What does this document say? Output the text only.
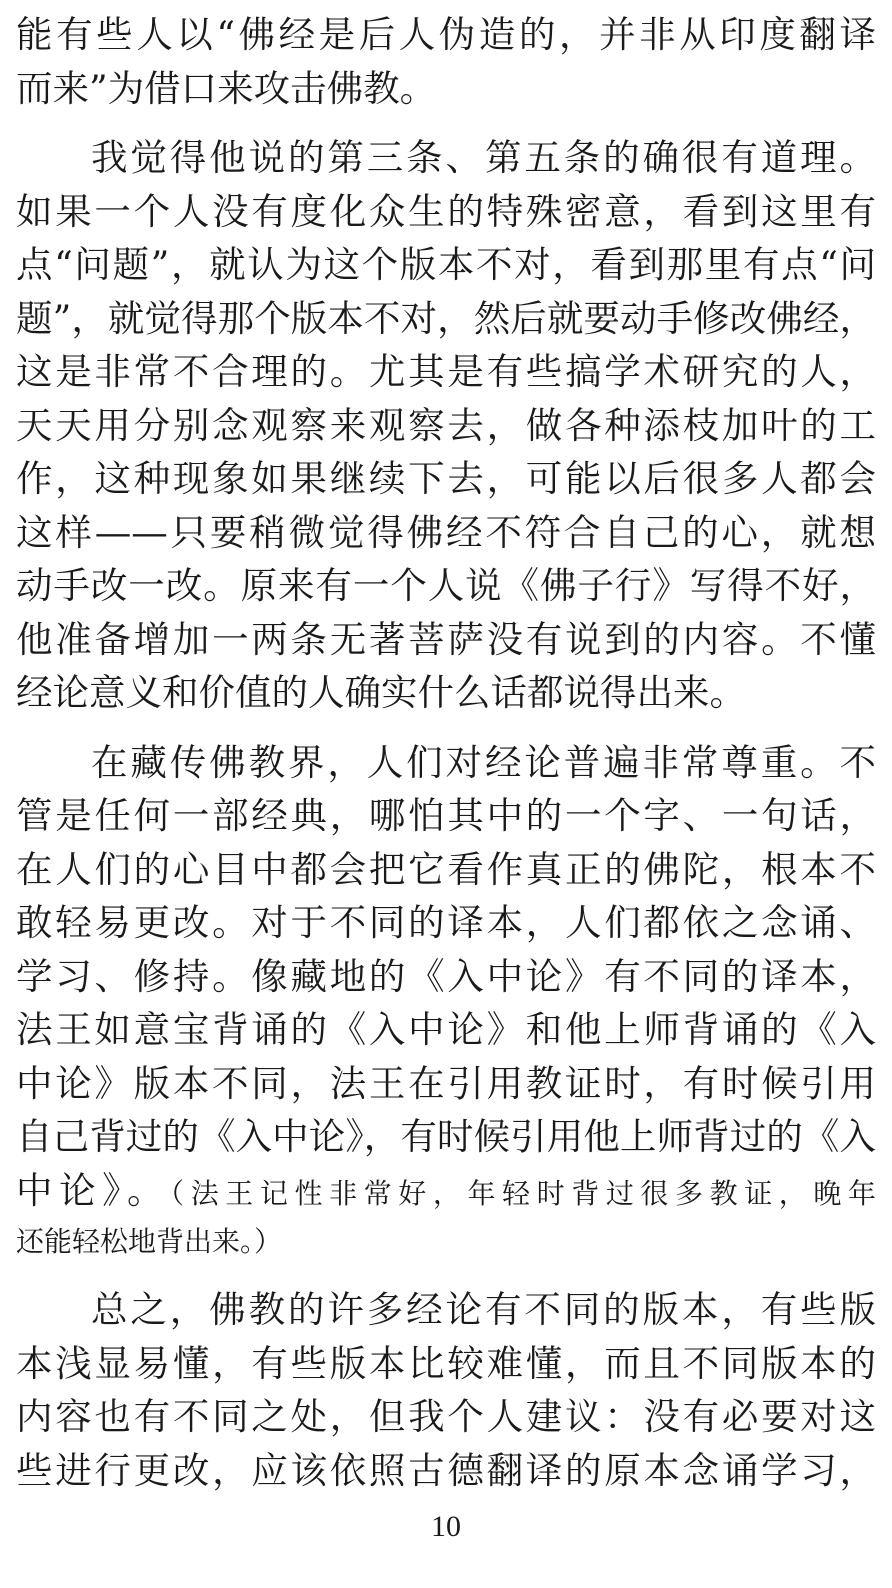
能有些人以“佛经是后人伪造的，并非从印度翻译
而来”为借口来攻击佛教。
我觉得他说的第三条、第五条的确很有道理。
如果一个人没有度化众生的特殊密意，看到这里有
点“问题”，就认为这个版本不对，看到那里有点“问
题”，就觉得那个版本不对，然后就要动手修改佛经，
这是非常不合理的。尤其是有些搞学术研究的人，
天天用分别念观察来观察去，做各种添枝加叶的工
作，这种现象如果继续下去，可能以后很多人都会
这样——只要稍微觉得佛经不符合自己的心，就想
动手改一改。原来有一个人说《佛子行》写得不好，
他准备增加一两条无著菩萨没有说到的内容。不懂
经论意义和价值的人确实什么话都说得出来。
在藏传佛教界，人们对经论普遍非常尊重。不
管是任何一部经典，哪怕其中的一个字、一句话，
在人们的心目中都会把它看作真正的佛陀，根本不
敢轻易更改。对于不同的译本，人们都依之念诵、
学习、修持。像藏地的《入中论》有不同的译本，
法王如意宝背诵的《入中论》和他上师背诵的《入
中论》版本不同，法王在引用教证时，有时候引用
自己背过的《入中论》，有时候引用他上师背过的《入
中论》。（法王记性非常好，年轻时背过很多教证，晚年
还能轻松地背出来。）
总之，佛教的许多经论有不同的版本，有些版
本浅显易懂，有些版本比较难懂，而且不同版本的
内容也有不同之处，但我个人建议：没有必要对这
些进行更改，应该依照古德翻译的原本念诵学习，
10
